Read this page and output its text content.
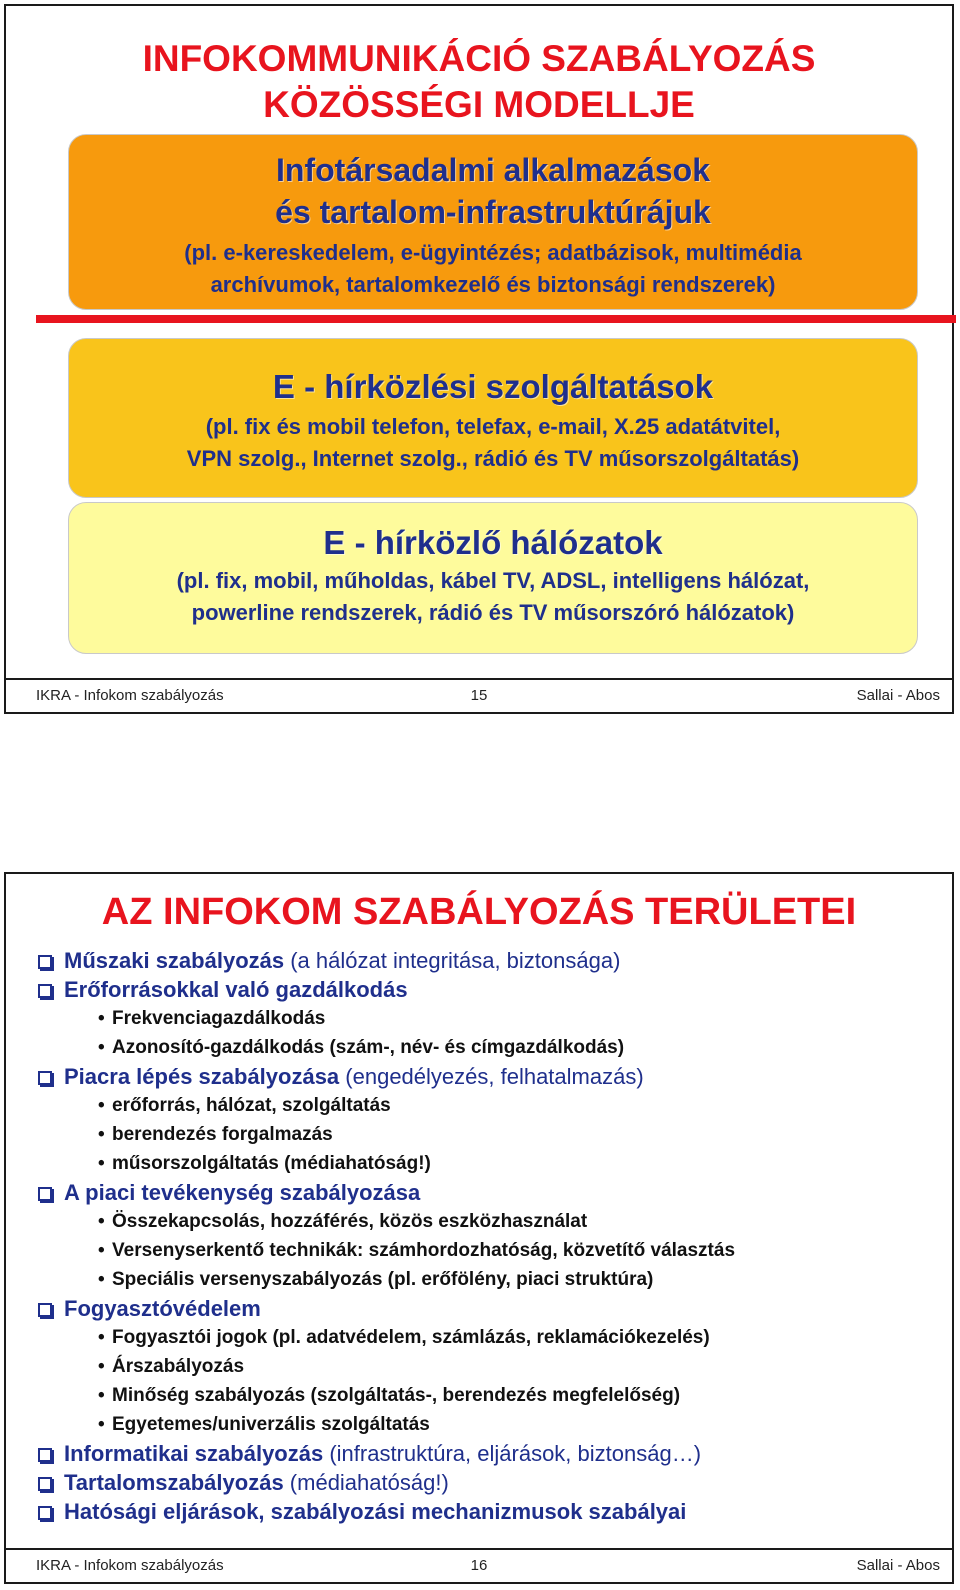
INFOKOMMUNIKÁCIÓ SZABÁLYOZÁS
KÖZÖSSÉGI MODELLJE
Infotársadalmi alkalmazások
és tartalom-infrastruktúrájuk
(pl. e-kereskedelem, e-ügyintézés; adatbázisok, multimédia
archívumok, tartalomkezelő és biztonsági rendszerek)
E - hírközlési szolgáltatások
(pl. fix és mobil telefon, telefax, e-mail, X.25 adatátvitel,
VPN szolg., Internet szolg., rádió és TV műsorszolgáltatás)
E - hírközlő hálózatok
(pl. fix, mobil, műholdas, kábel TV, ADSL, intelligens hálózat,
powerline rendszerek, rádió és TV műsorszóró hálózatok)
IKRA - Infokom szabályozás	15	Sallai - Abos
AZ INFOKOM SZABÁLYOZÁS TERÜLETEI
Műszaki szabályozás (a hálózat integritása, biztonsága)
Erőforrásokkal való gazdálkodás
• Frekvenciagazdálkodás
• Azonosító-gazdálkodás (szám-, név- és címgazdálkodás)
Piacra lépés szabályozása (engedélyezés, felhatalmazás)
• erőforrás, hálózat, szolgáltatás
• berendezés forgalmazás
• műsorszolgáltatás (médiahatóság!)
A piaci tevékenység szabályozása
• Összekapcsolás, hozzáférés, közös eszközhasználat
• Versenyserkentő technikák: számhordozhatóság, közvetítő választás
• Speciális versenyszabályozás (pl. erőfölény, piaci struktúra)
Fogyasztóvédelem
• Fogyasztói jogok (pl. adatvédelem, számlázás, reklamációkezelés)
• Árszabályozás
• Minőség szabályozás (szolgáltatás-, berendezés megfelelőség)
• Egyetemes/univerzális szolgáltatás
Informatikai szabályozás (infrastruktúra, eljárások, biztonság…)
Tartalomszabályozás (médiahatóság!)
Hatósági eljárások, szabályozási mechanizmusok szabályai
IKRA - Infokom szabályozás	16	Sallai - Abos
